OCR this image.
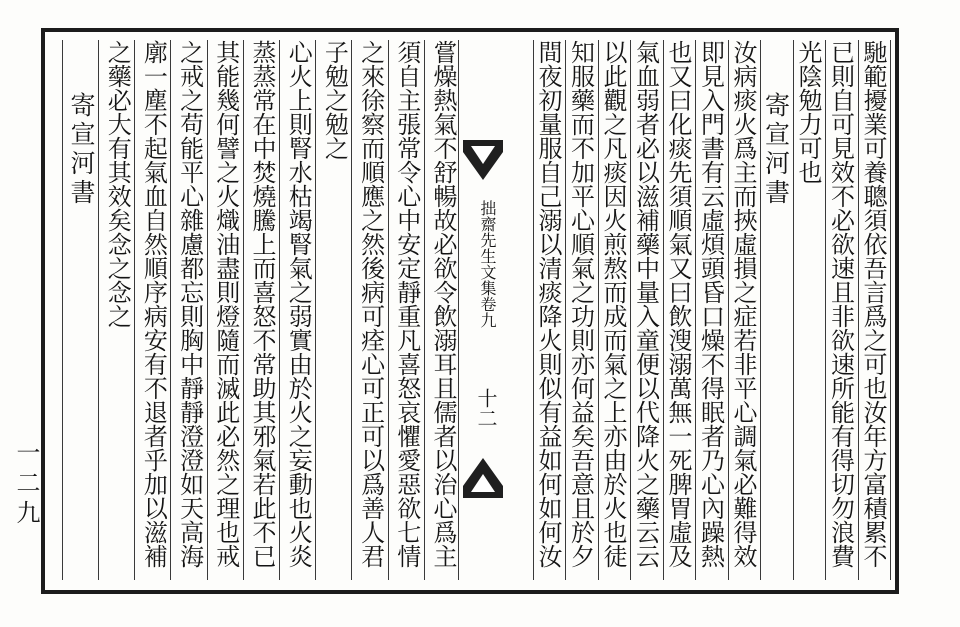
馳範擾業可養聰須依吾言爲之可也汝年方富積累不
已則自可見效不必欲速且非欲速所能有得切勿浪費
光陰勉力可也
寄宣河書
汝病痰火爲主而挾虛損之症若非平心調氣必難得效
即見入門書有云虛煩頭昏口燥不得眠者乃心內躁熱
也又曰化痰先須順氣又曰飲溲溺萬無一死脾胃虛及
氣血弱者必以滋補藥中量入童便以代降火之藥云云
以此觀之凡痰因火煎熬而成而氣之上亦由於火也徒
拙齋先生文集卷九
十二
嘗燥熱氣不舒暢故必欲令飲溺耳且儒者以治心爲主
須自主張常令心中安定靜重凡喜怒哀懼愛惡欲七情
之來徐察而順應之然後病可痊心可正可以爲善人君
子勉之勉之
心火上則腎水枯竭腎氣之弱實由於火之妄動也火炎
蒸蒸常在中焚燒騰上而喜怒不常助其邪氣若此不已
其能幾何譬之火熾油盡則燈隨而滅此必然之理也戒
之戒之苟能平心雜慮都忘則胸中靜靜澄澄如天高海
廓一塵不起氣血自然順序病安有不退者乎加以滋補
之藥必大有其效矣念之念之
寄宣河書
一二九	知服藥而不加平心順氣之功則亦何益矣吾意且於夕
間夜初量服自己溺以清痰降火則似有益如何如何汝
